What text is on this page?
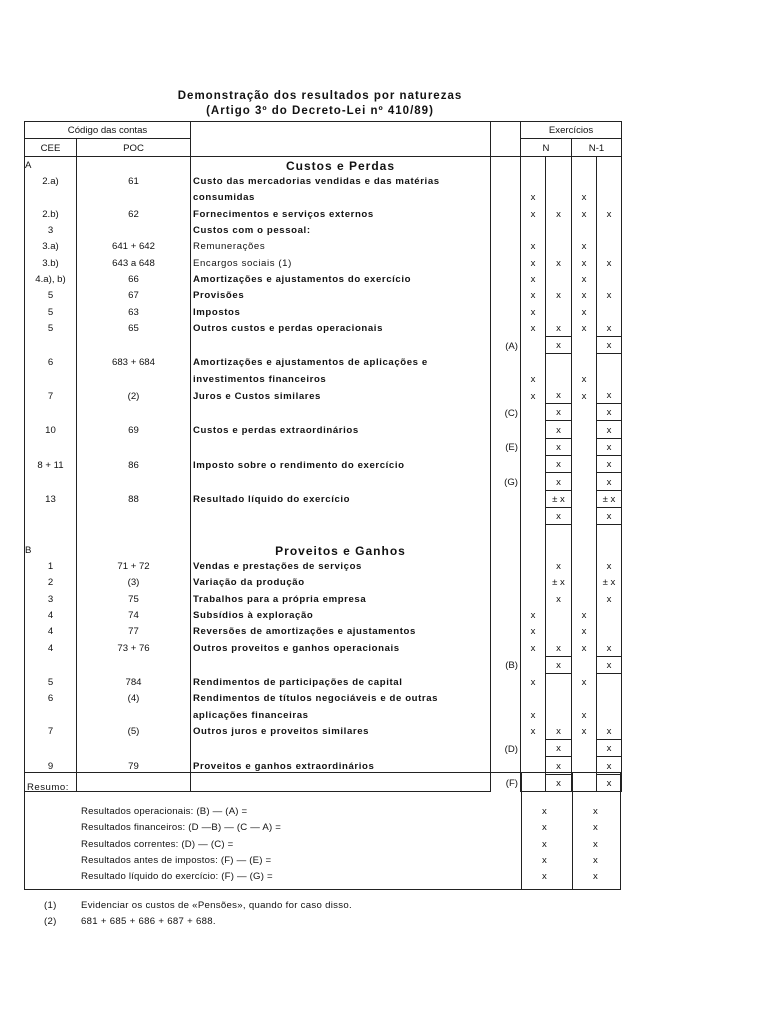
Demonstração dos resultados por naturezas
(Artigo 3º do Decreto-Lei nº 410/89)
Código das contas				Exercícios			
CEE	POC			N		N-1	
A		Custos e Perdas					
2.a)	61	Custo das mercadorias vendidas e das matérias					
		consumidas		x		x	
2.b)	62	Fornecimentos e serviços externos		x	x	x	x
3		Custos com o pessoal:					
3.a)	641 + 642	Remunerações		x		x	
3.b)	643 a 648	Encargos sociais (1)		x	x	x	x
4.a), b)	66	Amortizações e ajustamentos do exercício		x		x	
5	67	Provisões		x	x	x	x
5	63	Impostos		x		x	
5	65	Outros custos e perdas operacionais		x	x	x	x
			(A)		x		x
6	683 + 684	Amortizações e ajustamentos de aplicações e					
		investimentos financeiros		x		x	
7	(2)	Juros e Custos similares		x	x	x	x
			(C)		x		x
10	69	Custos e perdas extraordinários			x		x
			(E)		x		x
8 + 11	86	Imposto sobre o rendimento do exercício			x		x
			(G)		x		x
13	88	Resultado líquido do exercício			± x		± x
					x		x

B		Proveitos e Ganhos					
1	71 + 72	Vendas e prestações de serviços			x		x
2	(3)	Variação da produção			± x		± x
3	75	Trabalhos para a própria empresa			x		x
4	74	Subsídios à exploração		x		x	
4	77	Reversões de amortizações e ajustamentos		x		x	
4	73 + 76	Outros proveitos e ganhos operacionais		x	x	x	x
			(B)		x		x
5	784	Rendimentos de participações de capital		x		x	
6	(4)	Rendimentos de títulos negociáveis e de outras					
		aplicações financeiras		x		x	
7	(5)	Outros juros e proveitos similares		x	x	x	x
			(D)		x		x
9	79	Proveitos e ganhos extraordinários			x		x
			(F)		x		x
Resumo:
Resultados operacionais: (B) — (A) =	x	x
Resultados financeiros: (D —B) — (C — A) =	x	x
Resultados correntes: (D) — (C) =	x	x
Resultados antes de impostos: (F) — (E) =	x	x
Resultado líquido do exercício: (F) — (G) =	x	x
(1)	Evidenciar os custos de «Pensões», quando for caso disso.
(2)	681 + 685 + 686 + 687 + 688.
